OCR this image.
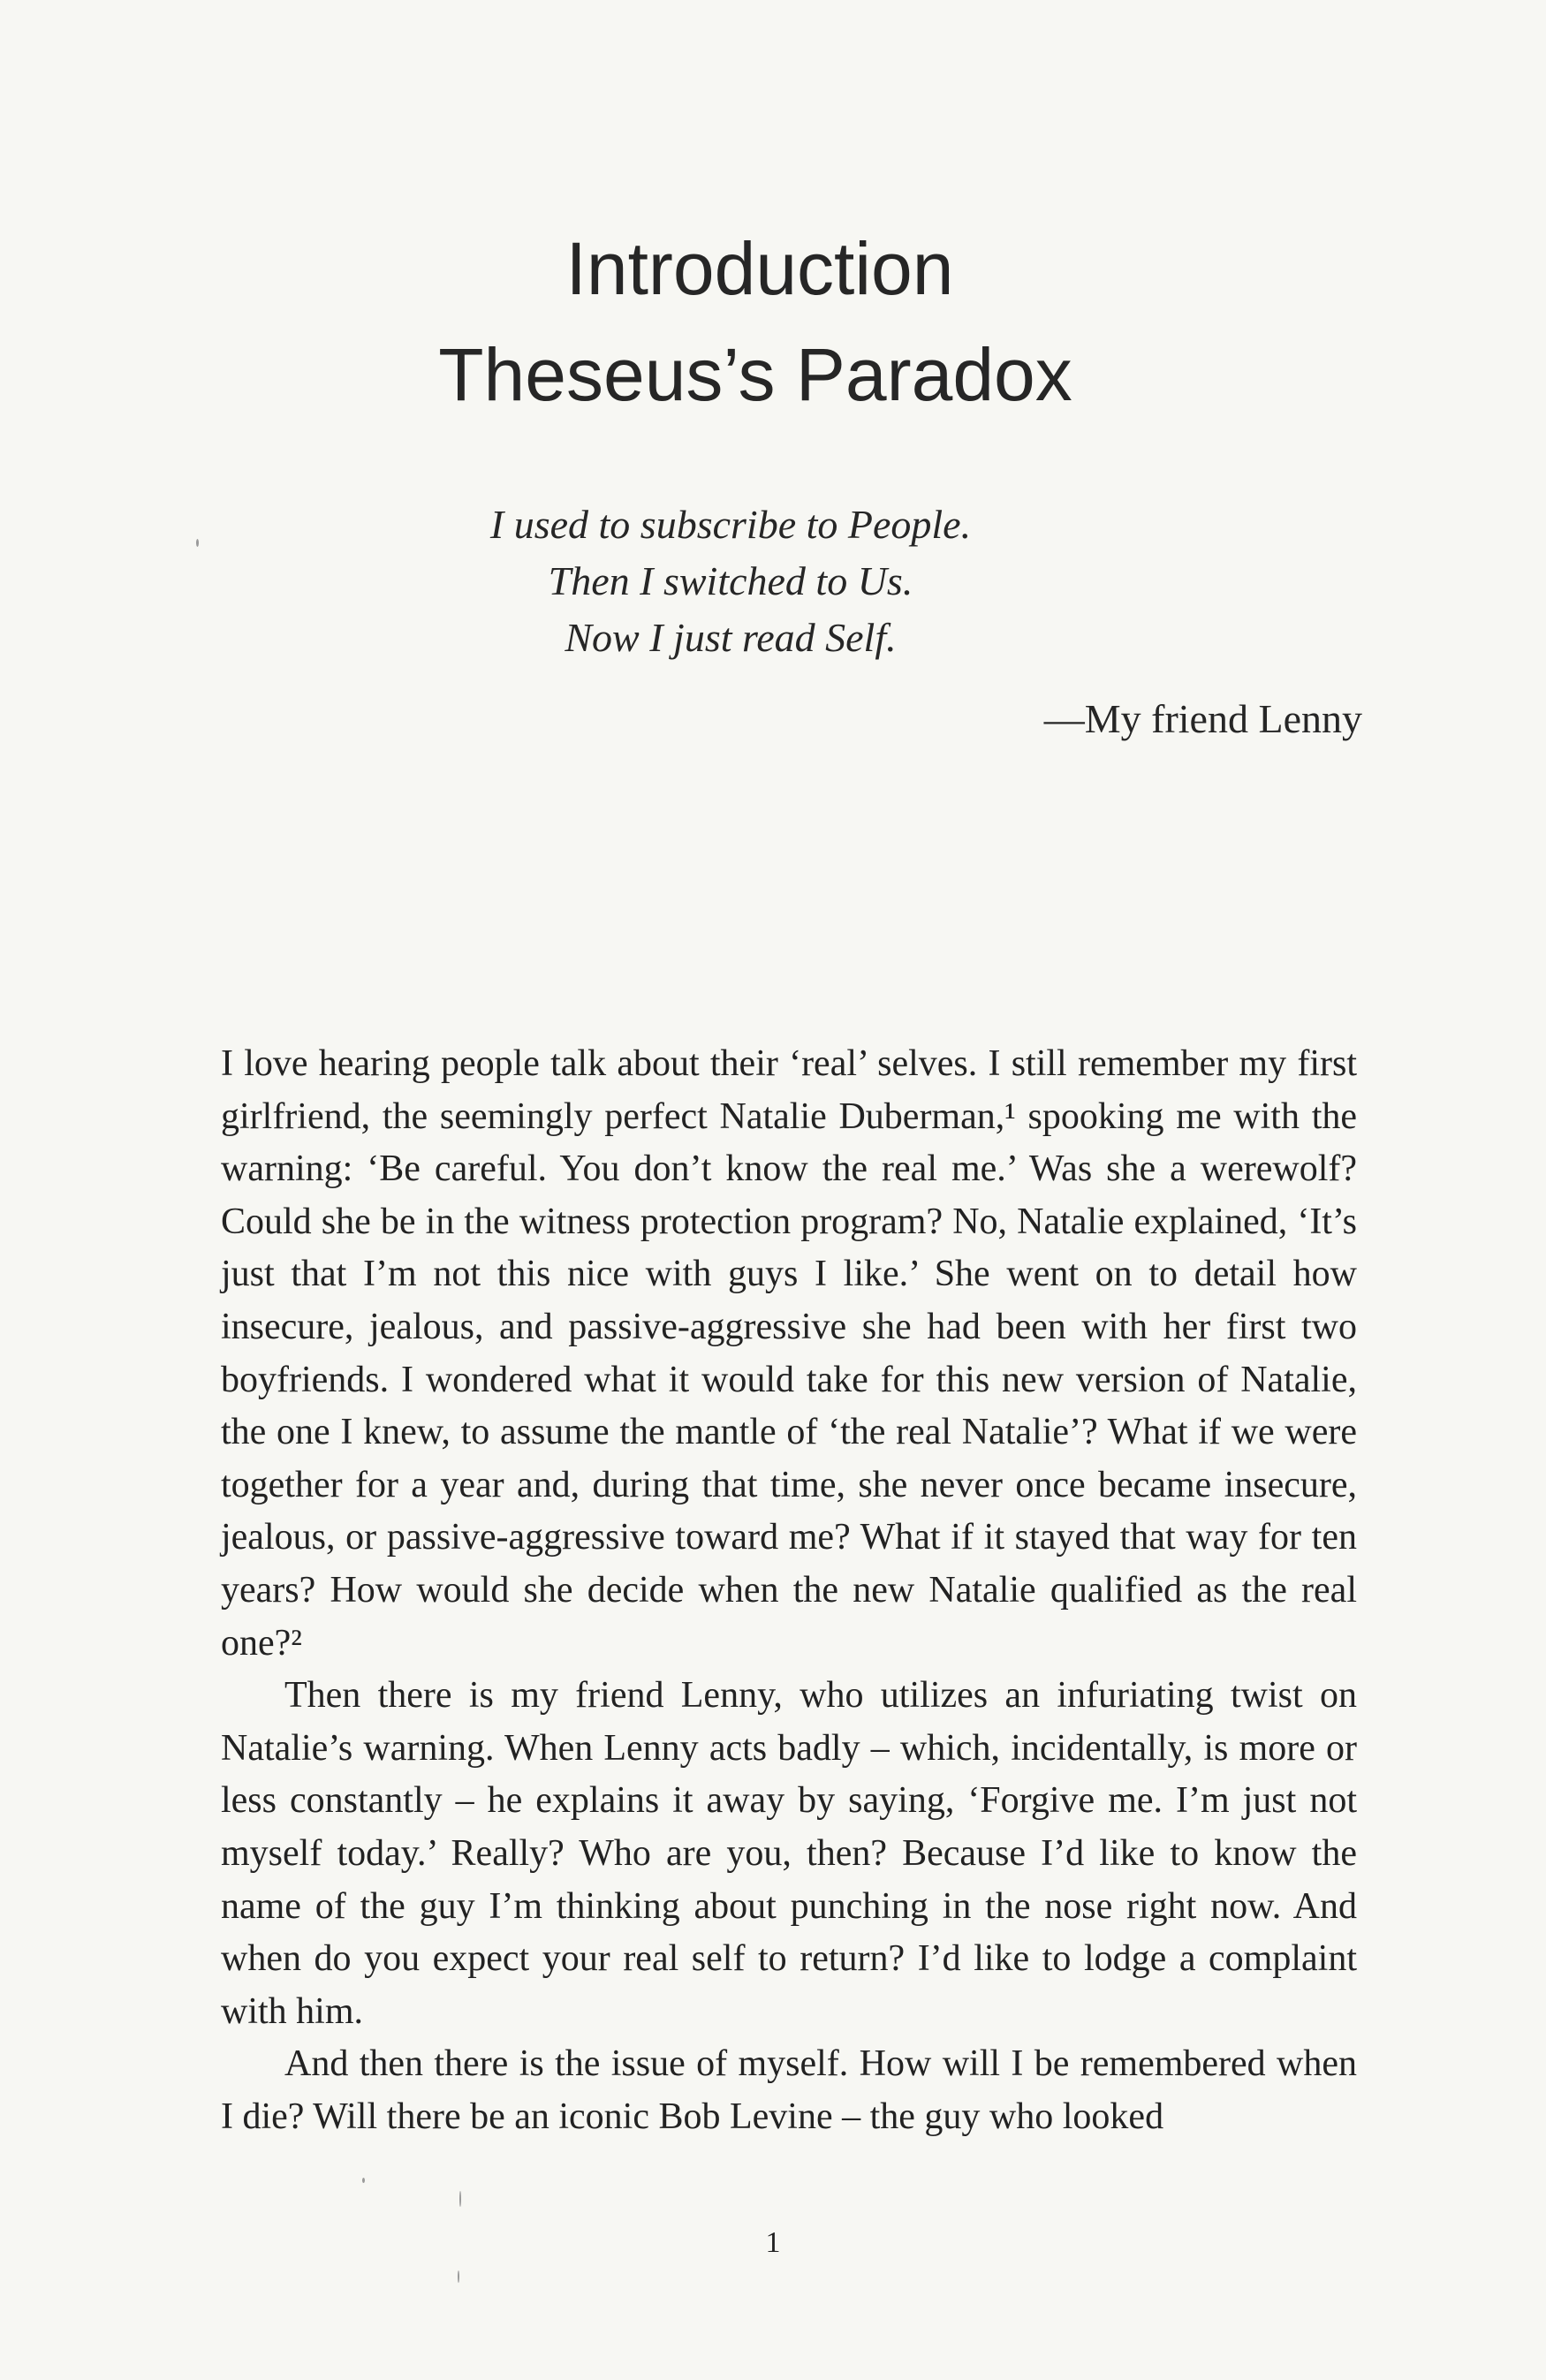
Introduction
Theseus’s Paradox
I used to subscribe to People.
Then I switched to Us.
Now I just read Self.
—My friend Lenny

I love hearing people talk about their ‘real’ selves. I still remember my first girlfriend, the seemingly perfect Natalie Duberman,¹ spooking me with the warning: ‘Be careful. You don’t know the real me.’ Was she a werewolf? Could she be in the witness protection program? No, Natalie explained, ‘It’s just that I’m not this nice with guys I like.’ She went on to detail how insecure, jealous, and passive-aggressive she had been with her first two boyfriends. I wondered what it would take for this new version of Natalie, the one I knew, to assume the mantle of ‘the real Natalie’? What if we were together for a year and, during that time, she never once became insecure, jealous, or passive-aggressive toward me? What if it stayed that way for ten years? How would she decide when the new Natalie qualified as the real one?²

Then there is my friend Lenny, who utilizes an infuriating twist on Natalie’s warning. When Lenny acts badly – which, incidentally, is more or less constantly – he explains it away by saying, ‘Forgive me. I’m just not myself today.’ Really? Who are you, then? Because I’d like to know the name of the guy I’m thinking about punching in the nose right now. And when do you expect your real self to return? I’d like to lodge a complaint with him.

And then there is the issue of myself. How will I be remembered when I die? Will there be an iconic Bob Levine – the guy who looked

1
